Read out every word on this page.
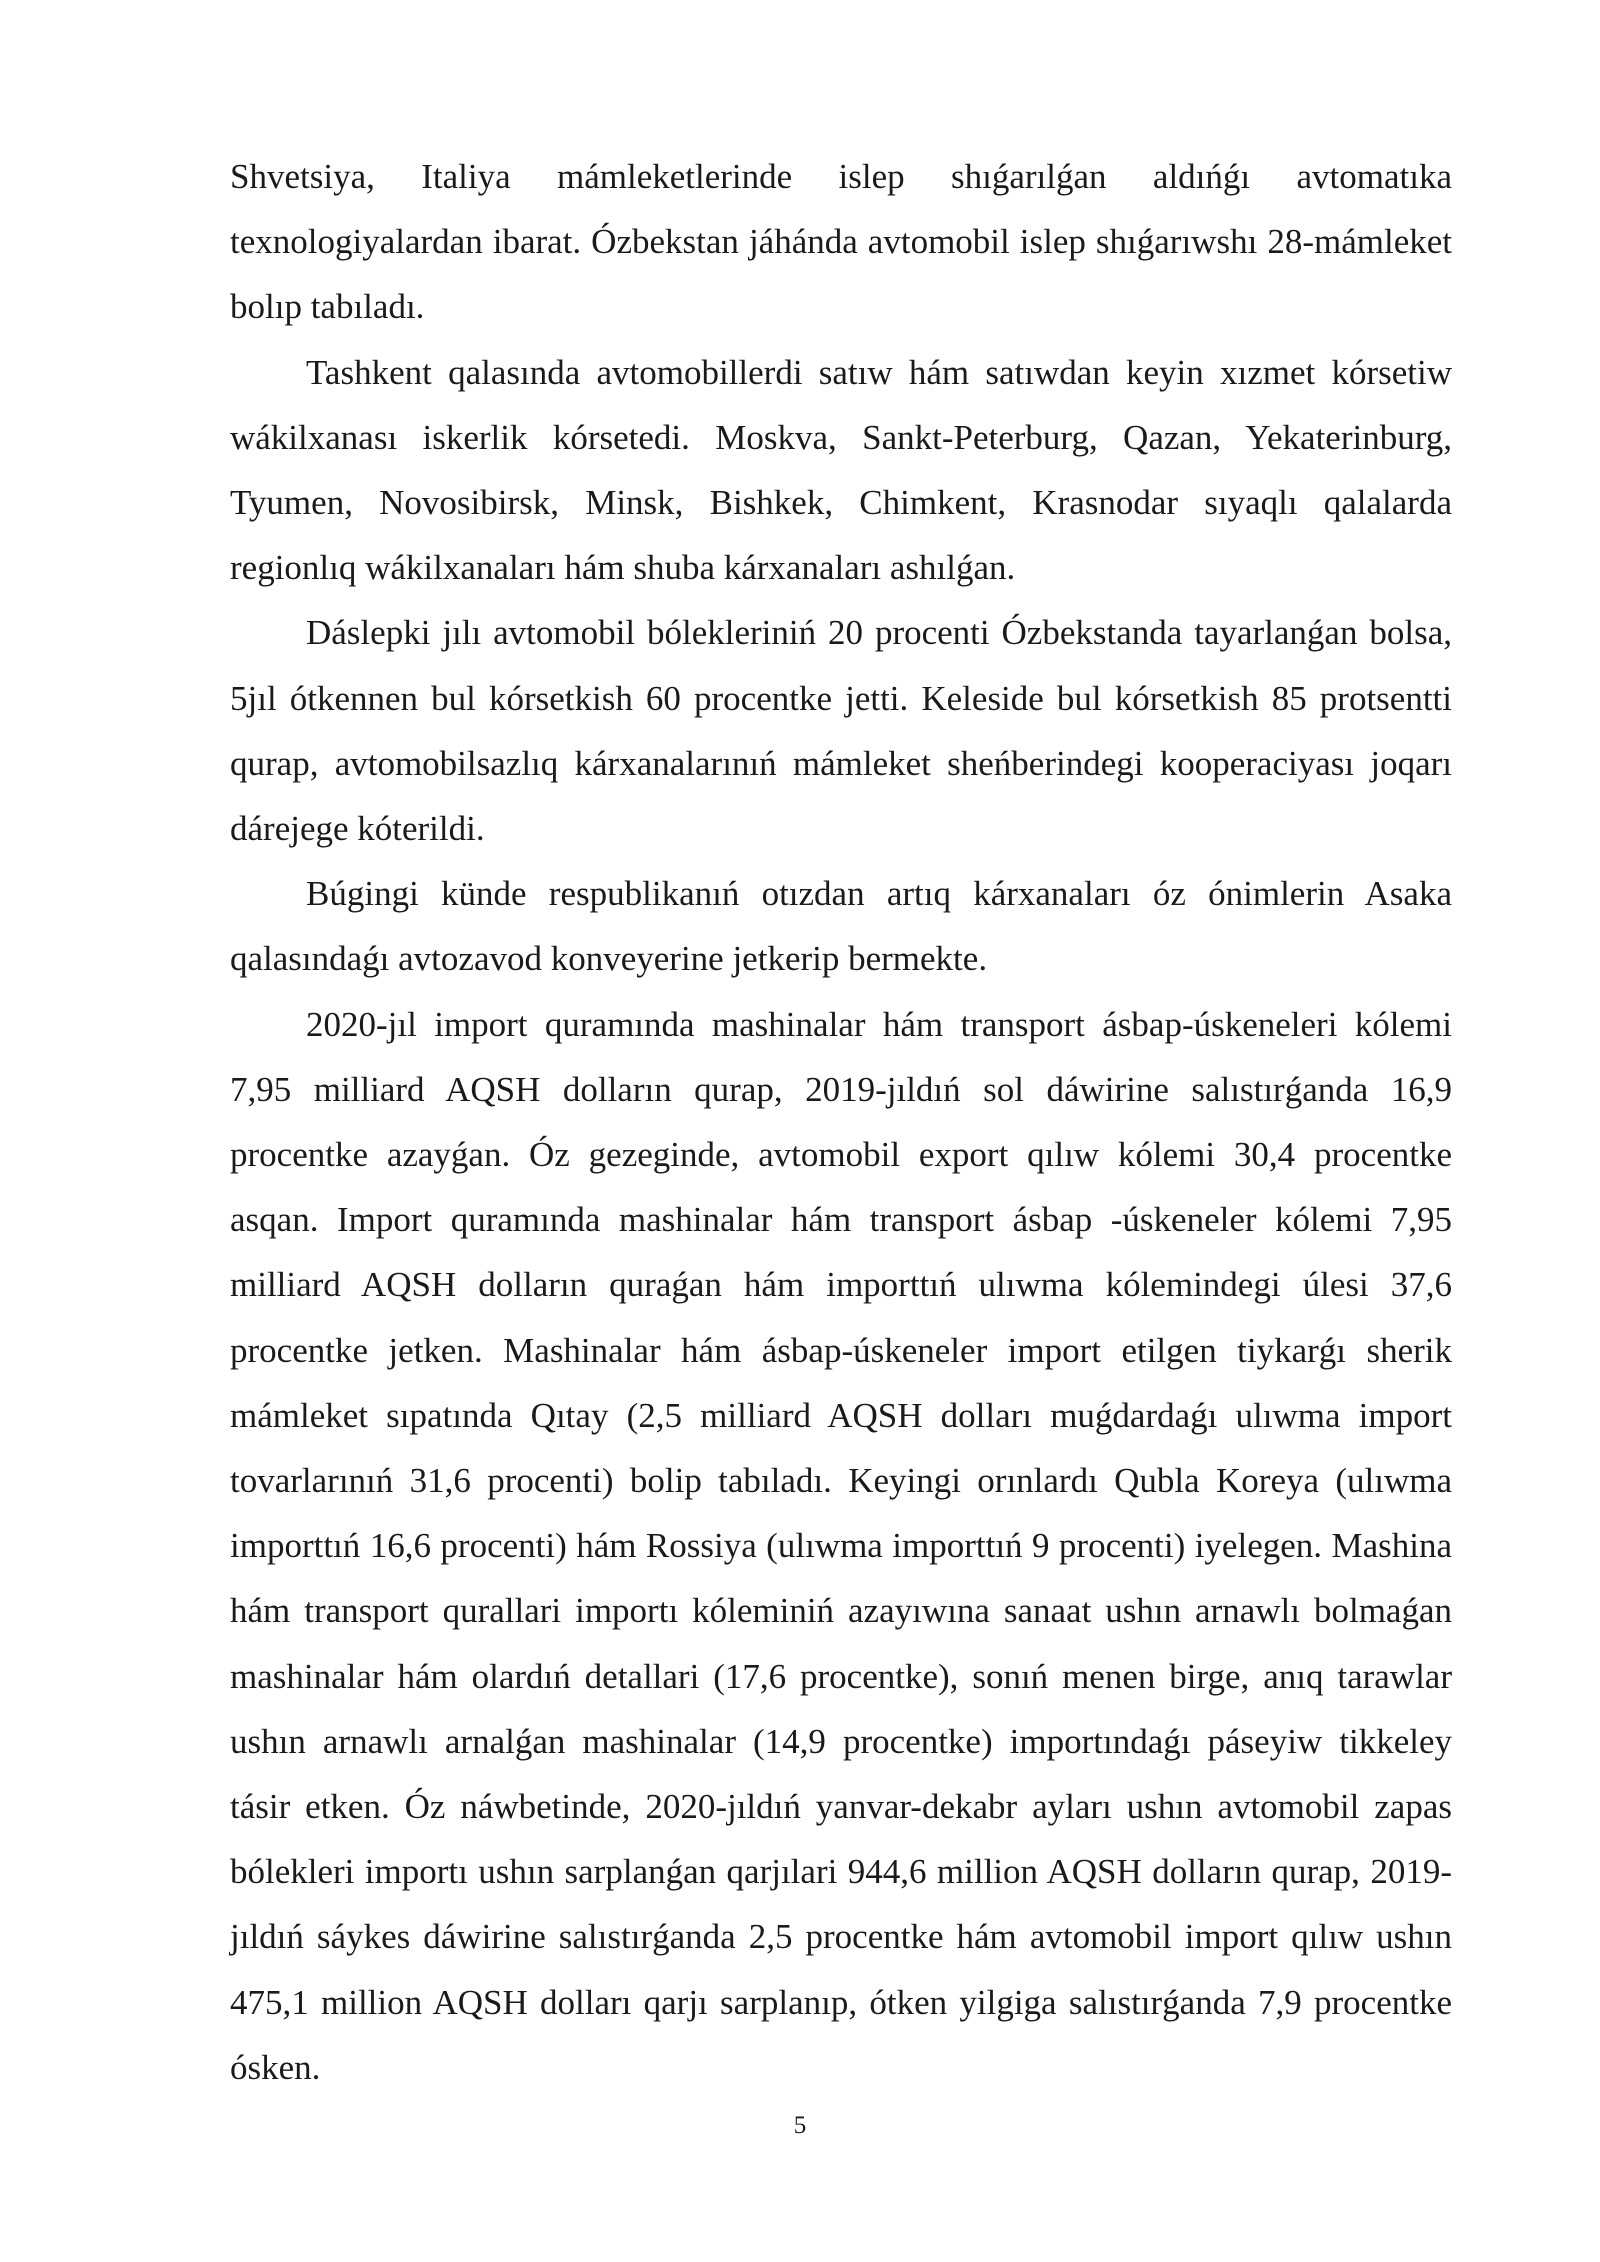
Shvetsiya, Italiya mámleketlerinde islep shıǵarılǵan aldıńǵı avtomatıka texnologiyalardan ibarat. Ózbekstan jáhánda avtomobil islep shıǵarıwshı 28-mámleket bolıp tabıladı.

Tashkent qalasında avtomobillerdi satıw hám satıwdan keyin xızmet kórsetiw wákilxanası iskerlik kórsetedi. Moskva, Sankt-Peterburg, Qazan, Yekaterinburg, Tyumen, Novosibirsk, Minsk, Bishkek, Chimkent, Krasnodar sıyaqlı qalalarda regionlıq wákilxanaları hám shuba kárxanaları ashılǵan.

Dáslepki jılı avtomobil bólekleriniń 20 procenti Ózbekstanda tayarlanǵan bolsa, 5jıl ótkennen bul kórsetkish 60 procentke jetti. Keleside bul kórsetkish 85 protsentti qurap, avtomobilsazlıq kárxanalarınıń mámleket sheńberindegi kooperaciyası joqarı dárejege kóterildi.

Búgingi künde respublikanıń otızdan artıq kárxanaları óz ónimlerin Asaka qalasındaǵı avtozavod konveyerine jetkerip bermekte.

2020-jıl import quramında mashinalar hám transport ásbap-úskeneleri kólemi 7,95 milliard AQSH dolların qurap, 2019-jıldıń sol dáwirine salıstırǵanda 16,9 procentke azayǵan. Óz gezeginde, avtomobil export qılıw kólemi 30,4 procentke asqan. Import quramında mashinalar hám transport ásbap -úskeneler kólemi 7,95 milliard AQSH dolların quraǵan hám importtıń ulıwma kólemindegi úlesi 37,6 procentke jetken. Mashinalar hám ásbap-úskeneler import etilgen tiykarǵı sherik mámleket sıpatında Qıtay (2,5 milliard AQSH dolları muǵdardaǵı ulıwma import tovarlarınıń 31,6 procenti) bolip tabıladı. Keyingi orınlardı Qubla Koreya (ulıwma importtıń 16,6 procenti) hám Rossiya (ulıwma importtıń 9 procenti) iyelegen. Mashina hám transport qurallari importı kóleminiń azayıwına sanaat ushın arnawlı bolmaǵan mashinalar hám olardıń detallari (17,6 procentke), sonıń menen birge, anıq tarawlar ushın arnawlı arnalǵan mashinalar (14,9 procentke) importındaǵı páseyiw tikkeley tásir etken. Óz náwbetinde, 2020-jıldıń yanvar-dekabr ayları ushın avtomobil zapas bólekleri importı ushın sarplanǵan qarjılari 944,6 million AQSH dolların qurap, 2019-jıldıń sáykes dáwirine salıstırǵanda 2,5 procentke hám avtomobil import qılıw ushın 475,1 million AQSH dolları qarjı sarplanıp, ótken yilgiga salıstırǵanda 7,9 procentke ósken.

5
